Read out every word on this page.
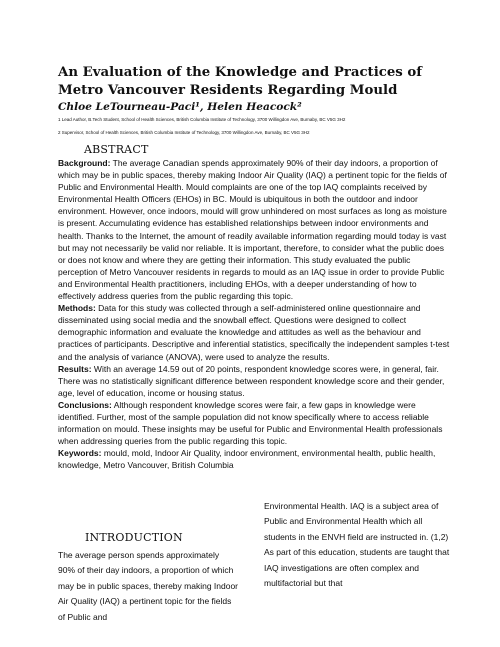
An Evaluation of the Knowledge and Practices of Metro Vancouver Residents Regarding Mould
Chloe LeTourneau-Paci¹, Helen Heacock²
1 Lead Author, B.Tech Student, School of Health Sciences, British Columbia Institute of Technology, 3700 Willingdon Ave, Burnaby, BC V5G 3H2
2 Supervisor, School of Health Sciences, British Columbia Institute of Technology, 3700 Willingdon Ave, Burnaby, BC V5G 3H2
ABSTRACT

Background: The average Canadian spends approximately 90% of their day indoors, a proportion of which may be in public spaces, thereby making Indoor Air Quality (IAQ) a pertinent topic for the fields of Public and Environmental Health. Mould complaints are one of the top IAQ complaints received by Environmental Health Officers (EHOs) in BC. Mould is ubiquitous in both the outdoor and indoor environment. However, once indoors, mould will grow unhindered on most surfaces as long as moisture is present. Accumulating evidence has established relationships between indoor environments and health. Thanks to the Internet, the amount of readily available information regarding mould today is vast but may not necessarily be valid nor reliable. It is important, therefore, to consider what the public does or does not know and where they are getting their information. This study evaluated the public perception of Metro Vancouver residents in regards to mould as an IAQ issue in order to provide Public and Environmental Health practitioners, including EHOs, with a deeper understanding of how to effectively address queries from the public regarding this topic.

Methods: Data for this study was collected through a self-administered online questionnaire and disseminated using social media and the snowball effect. Questions were designed to collect demographic information and evaluate the knowledge and attitudes as well as the behaviour and practices of participants. Descriptive and inferential statistics, specifically the independent samples t-test and the analysis of variance (ANOVA), were used to analyze the results.

Results: With an average 14.59 out of 20 points, respondent knowledge scores were, in general, fair. There was no statistically significant difference between respondent knowledge score and their gender, age, level of education, income or housing status.

Conclusions: Although respondent knowledge scores were fair, a few gaps in knowledge were identified. Further, most of the sample population did not know specifically where to access reliable information on mould. These insights may be useful for Public and Environmental Health professionals when addressing queries from the public regarding this topic.

Keywords: mould, mold, Indoor Air Quality, indoor environment, environmental health, public health, knowledge, Metro Vancouver, British Columbia

INTRODUCTION

The average person spends approximately 90% of their day indoors, a proportion of which may be in public spaces, thereby making Indoor Air Quality (IAQ) a pertinent topic for the fields of Public and

Environmental Health. IAQ is a subject area of Public and Environmental Health which all students in the ENVH field are instructed in. (1,2) As part of this education, students are taught that IAQ investigations are often complex and multifactorial but that
